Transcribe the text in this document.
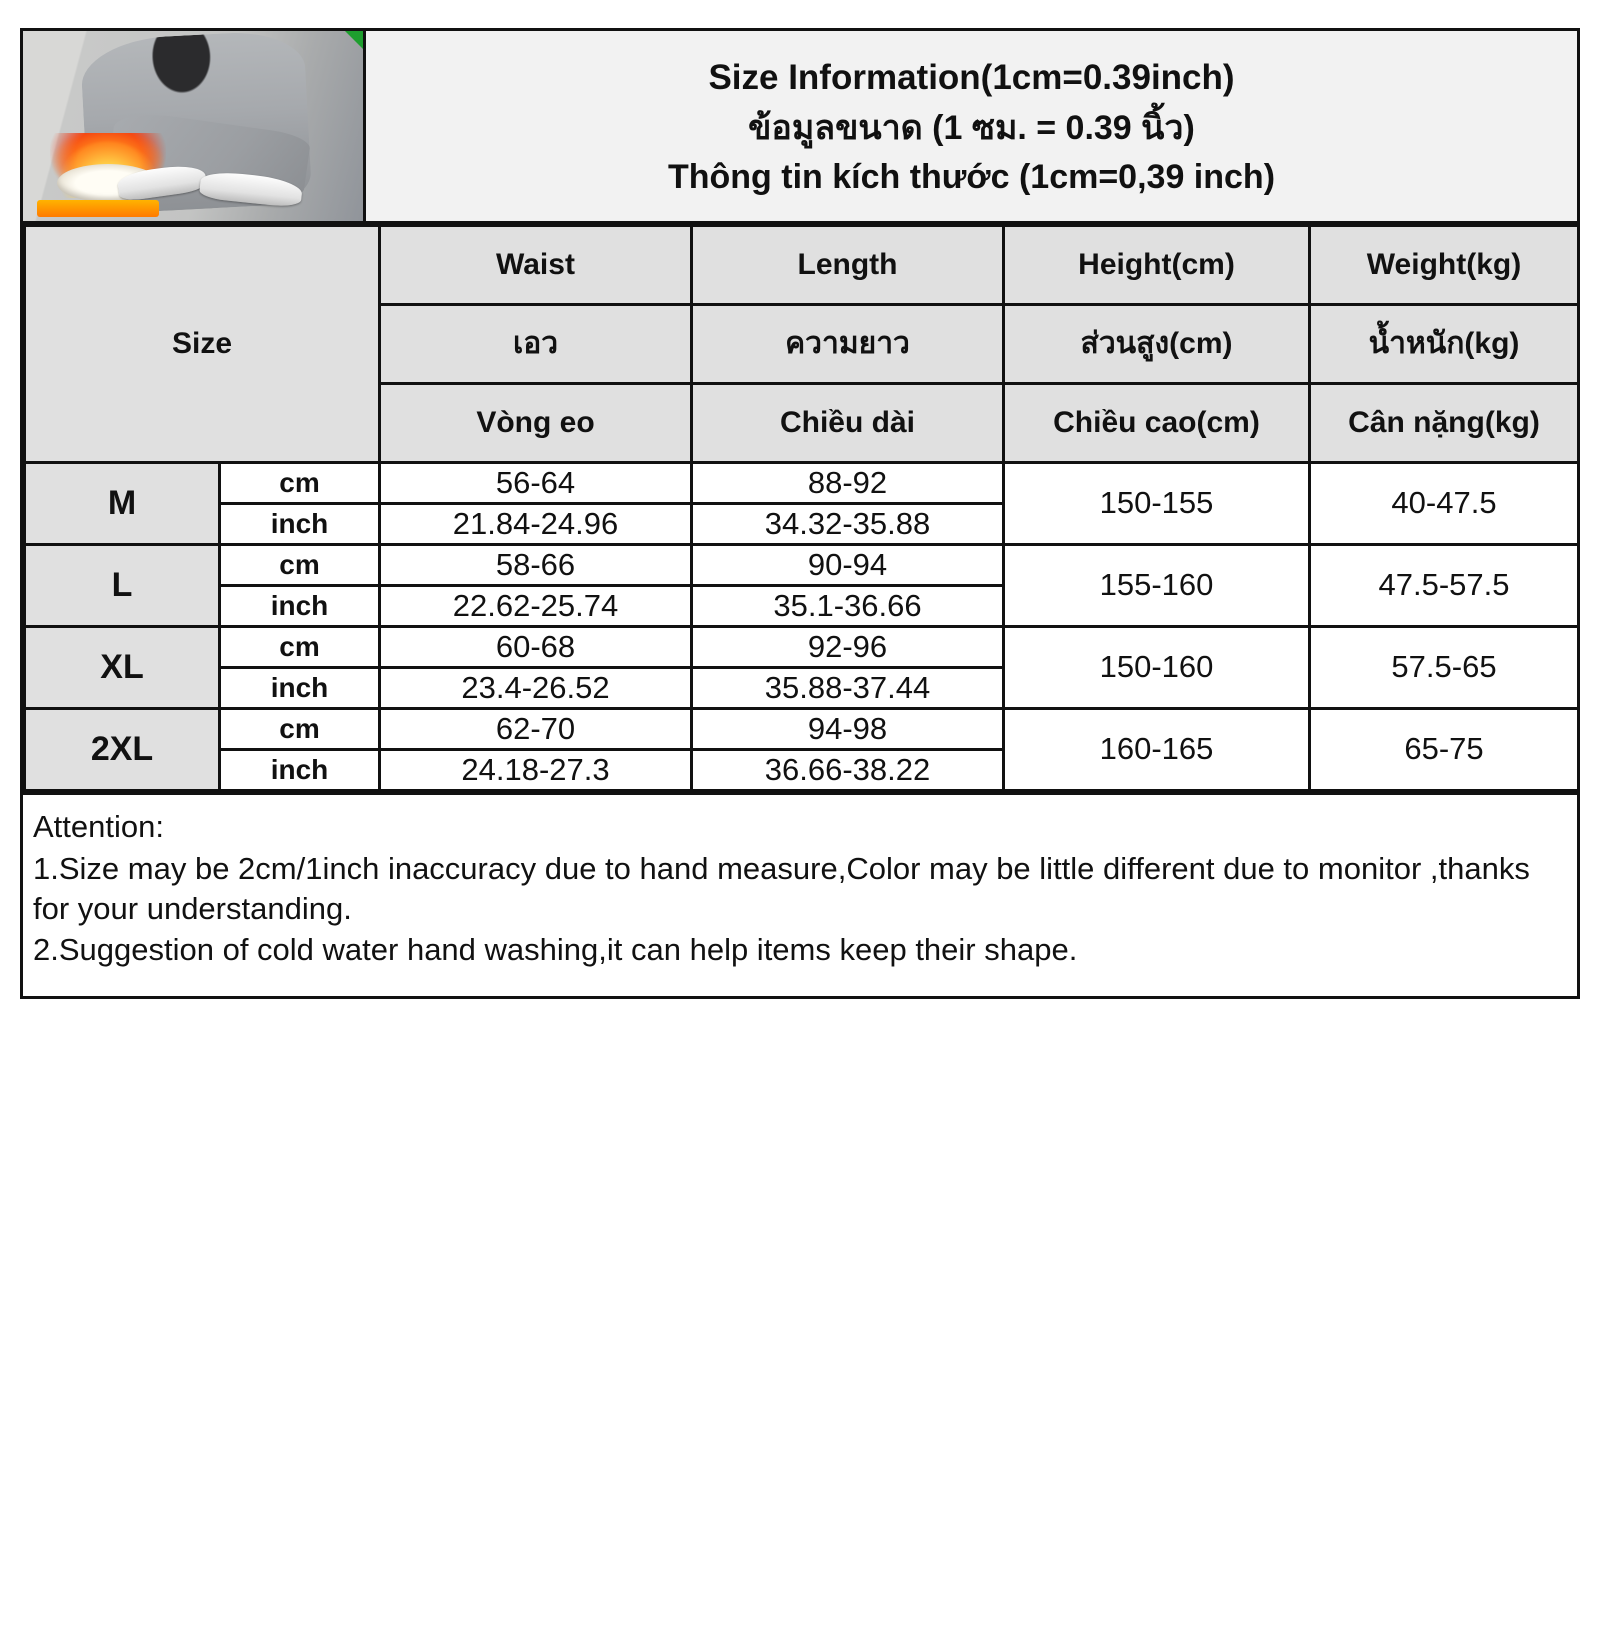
Size Information(1cm=0.39inch)
ข้อมูลขนาด (1 ซม. = 0.39 นิ้ว)
Thông tin kích thước (1cm=0,39 inch)
Size		Waist	Length	Height(cm)	Weight(kg)
		เอว	ความยาว	ส่วนสูง(cm)	น้ำหนัก(kg)
		Vòng eo	Chiều dài	Chiều cao(cm)	Cân nặng(kg)
M	cm	56-64	88-92	150-155	40-47.5
	inch	21.84-24.96	34.32-35.88		
L	cm	58-66	90-94	155-160	47.5-57.5
	inch	22.62-25.74	35.1-36.66		
XL	cm	60-68	92-96	150-160	57.5-65
	inch	23.4-26.52	35.88-37.44		
2XL	cm	62-70	94-98	160-165	65-75
	inch	24.18-27.3	36.66-38.22		

Attention:

1.Size may be 2cm/1inch inaccuracy due to hand measure,Color may be little different due to monitor ,thanks for your understanding.

2.Suggestion of cold water hand washing,it can help items keep their shape.
